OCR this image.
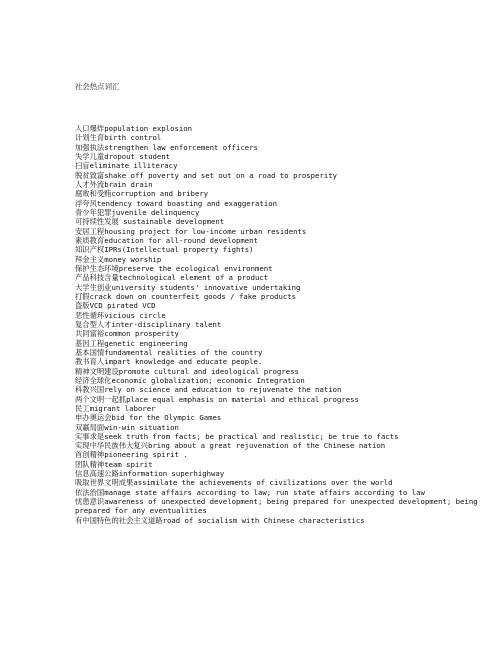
社会热点词汇
人口爆炸population explosion
计划生育birth control
加强执法strengthen law enforcement officers
失学儿童dropout student
扫盲eliminate illiteracy
脱贫致富shake off poverty and set out on a road to prosperity
人才外流brain drain
腐败和受贿corruption and bribery
浮夸风tendency toward boasting and exaggeration
青少年犯罪juvenile delinquency
可持续性发展 sustainable development
安居工程housing project for low-income urban residents
素质教育education for all-round development
知识产权IPRs(Intellectual property fights)
拜金主义money worship
保护生态环境preserve the ecological environment
产品科技含量technological element of a product
大学生创业university students' innovative undertaking
打假crack down on counterfeit goods / fake products
盗版VCD pirated VCD
恶性循环vicious circle
复合型人才inter-disciplinary talent
共同富裕common prosperity
基因工程genetic engineering
基本国情fundamental realities of the country
教书育人impart knowledge and educate people.
精神文明建设promote cultural and ideological progress
经济全球化economic globalization; economic Integration
科教兴国rely on science and education to rejuvenate the nation
两个文明一起抓place equal emphasis on material and ethical progress
民工migrant laborer
申办奥运会bid for the Olympic Games
双赢局面win-win situation
实事求是seek truth from facts; be practical and realistic; be true to facts
实现中华民族伟大复兴bring about a great rejuvenation of the Chinese nation
首创精神pioneering spirit .
团队精神team spirit
信息高速公路information superhighway
吸取世界文明成果assimilate the achievements of civilizations over the world
依法治国manage state affairs according to law; run state affairs according to law
忧患意识awareness of unexpected development; being prepared for unexpected development; being prepared for any eventualities
有中国特色的社会主义道路road of socialism with Chinese characteristics
